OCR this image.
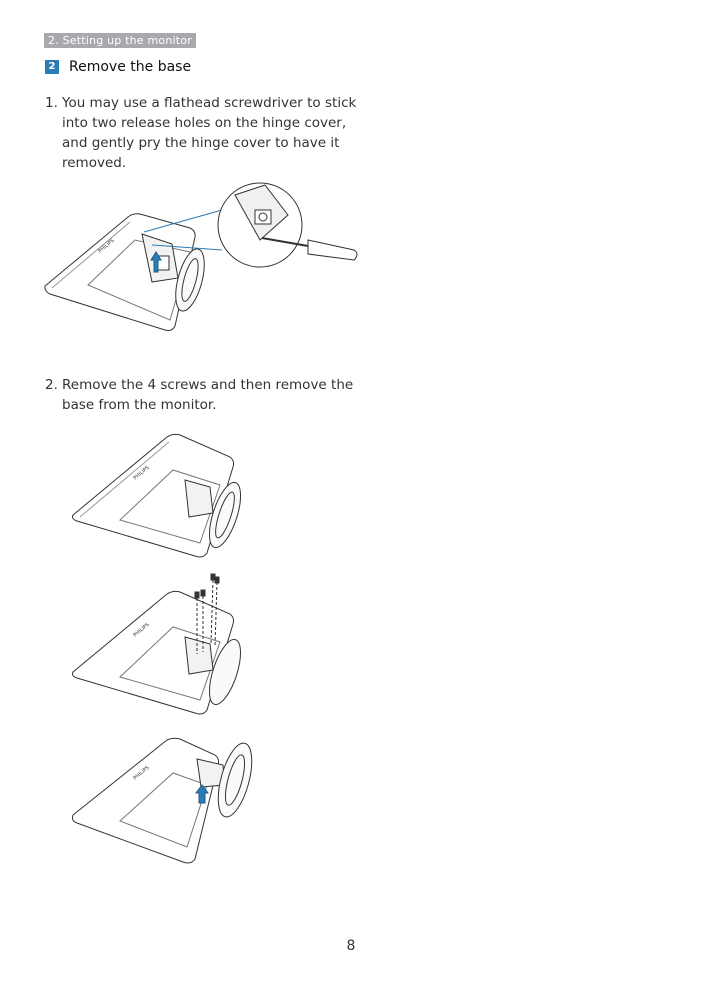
2. Setting up the monitor
2 Remove the base
1. You may use a flathead screwdriver to stick into two release holes on the hinge cover, and gently pry the hinge cover to have it removed.
PHILIPS
2. Remove the 4 screws and then remove the base from the monitor.
PHILIPS
PHILIPS
PHILIPS
8
